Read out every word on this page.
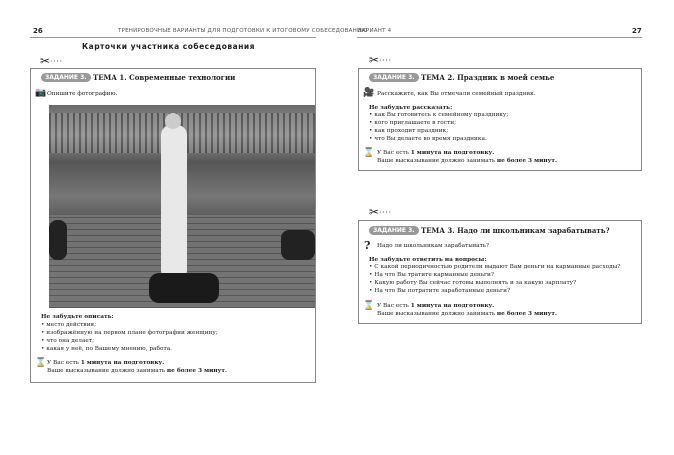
26	ТРЕНИРОВОЧНЫЕ ВАРИАНТЫ ДЛЯ ПОДГОТОВКИ К ИТОГОВОМУ СОБЕСЕДОВАНИЮ
Карточки участника собеседования
✂····
ЗАДАНИЕ 3. ТЕМА 1. Современные технологии
📷 Опишите фотографию.
Не забудьте описать:
• место действия;
• изображённую на первом плане фотографии женщину;
• что она делает;
• какая у неё, по Вашему мнению, работа.
⌛ У Вас есть 1 минута на подготовку.
Ваше высказывание должно занимать не более 3 минут.
ВАРИАНТ 4	27
✂····
ЗАДАНИЕ 3. ТЕМА 2. Праздник в моей семье
🎥 Расскажите, как Вы отмечали семейный праздник.
Не забудьте рассказать:
• как Вы готовитесь к семейному празднику;
• кого приглашаете в гости;
• как проходит праздник;
• что Вы делаете во время праздника.
⌛ У Вас есть 1 минута на подготовку.
Ваше высказывание должно занимать не более 3 минут.
✂····
ЗАДАНИЕ 3. ТЕМА 3. Надо ли школьникам зарабатывать?
? Надо ли школьникам зарабатывать?
Не забудьте ответить на вопросы:
• С какой периодичностью родители выдают Вам деньги на карманные расходы?
• На что Вы тратите карманные деньги?
• Какую работу Вы сейчас готовы выполнять и за какую зарплату?
• На что Вы потратите заработанные деньги?
⌛ У Вас есть 1 минута на подготовку.
Ваше высказывание должно занимать не более 3 минут.
